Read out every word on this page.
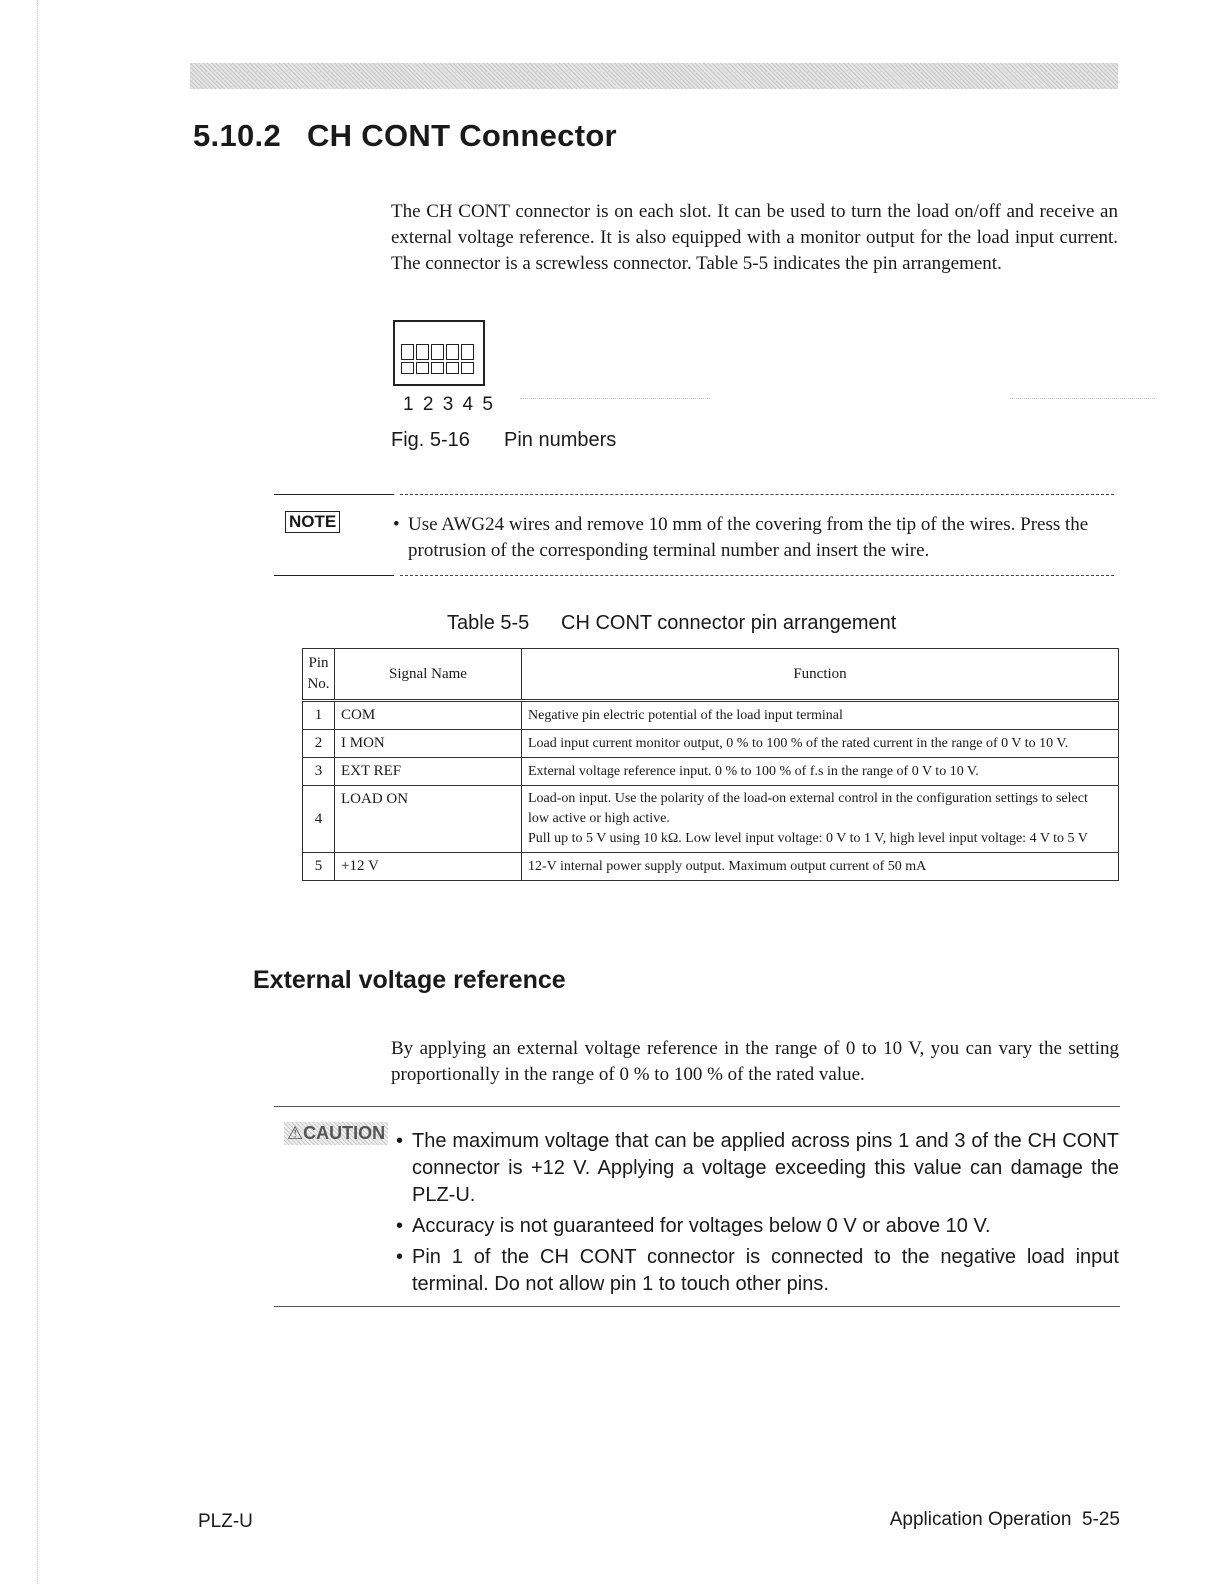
5.10.2 CH CONT Connector

The CH CONT connector is on each slot. It can be used to turn the load on/off and receive an external voltage reference. It is also equipped with a monitor output for the load input current. The connector is a screwless connector. Table 5-5 indicates the pin arrangement.

1 2 3 4 5
Fig. 5-16 Pin numbers
NOTE	• Use AWG24 wires and remove 10 mm of the covering from the tip of the wires. Press the protrusion of the corresponding terminal number and insert the wire.
Table 5-5 CH CONT connector pin arrangement
Pin No.	Signal Name	Function
1	COM	Negative pin electric potential of the load input terminal
2	I MON	Load input current monitor output, 0 % to 100 % of the rated current in the range of 0 V to 10 V.
3	EXT REF	External voltage reference input. 0 % to 100 % of f.s in the range of 0 V to 10 V.
4	LOAD ON	Load-on input. Use the polarity of the load-on external control in the configuration settings to select low active or high active.
Pull up to 5 V using 10 kΩ. Low level input voltage: 0 V to 1 V, high level input voltage: 4 V to 5 V

5	+12 V	12-V internal power supply output. Maximum output current of 50 mA
External voltage reference

By applying an external voltage reference in the range of 0 to 10 V, you can vary the setting proportionally in the range of 0 % to 100 % of the rated value.

⚠CAUTION • The maximum voltage that can be applied across pins 1 and 3 of the CH CONT connector is +12 V. Applying a voltage exceeding this value can damage the PLZ-U.
• Accuracy is not guaranteed for voltages below 0 V or above 10 V.
• Pin 1 of the CH CONT connector is connected to the negative load input terminal. Do not allow pin 1 to touch other pins.
PLZ-U	Application Operation  5-25
